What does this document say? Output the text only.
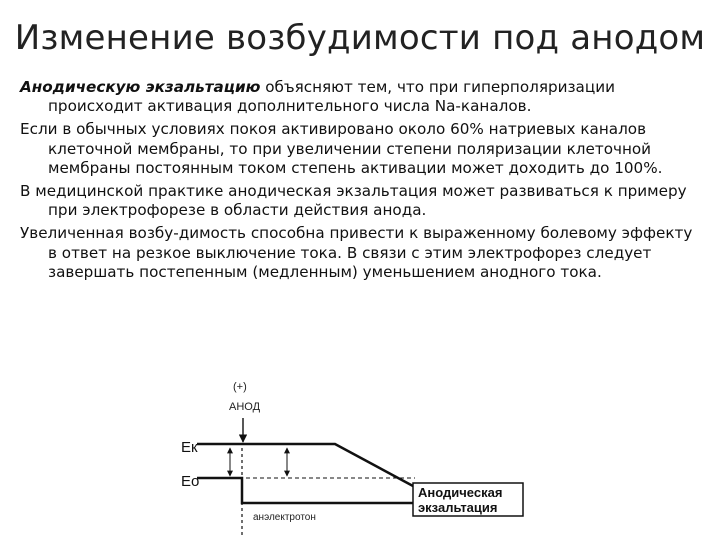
Изменение возбудимости под анодом

Анодическую экзальтацию объясняют тем, что при гиперполяризации происходит активация дополнительного числа Na-каналов.

Если в обычных условиях покоя активировано около 60% натриевых каналов клеточной мембраны, то при увеличении степени поляризации клеточной мембраны постоянным током степень активации может доходить до 100%.

В медицинской практике анодическая экзальтация может развиваться к примеру при электрофорезе в области действия анода.

Увеличенная возбу-димость способна привести к выраженному болевому эффекту в ответ на резкое выключение тока. В связи с этим электрофорез следует завершать постепенным (медленным) уменьшением анодного тока.

(+)
АНОД
Eк
Eo
анэлектротон
Анодическая
экзальтация
